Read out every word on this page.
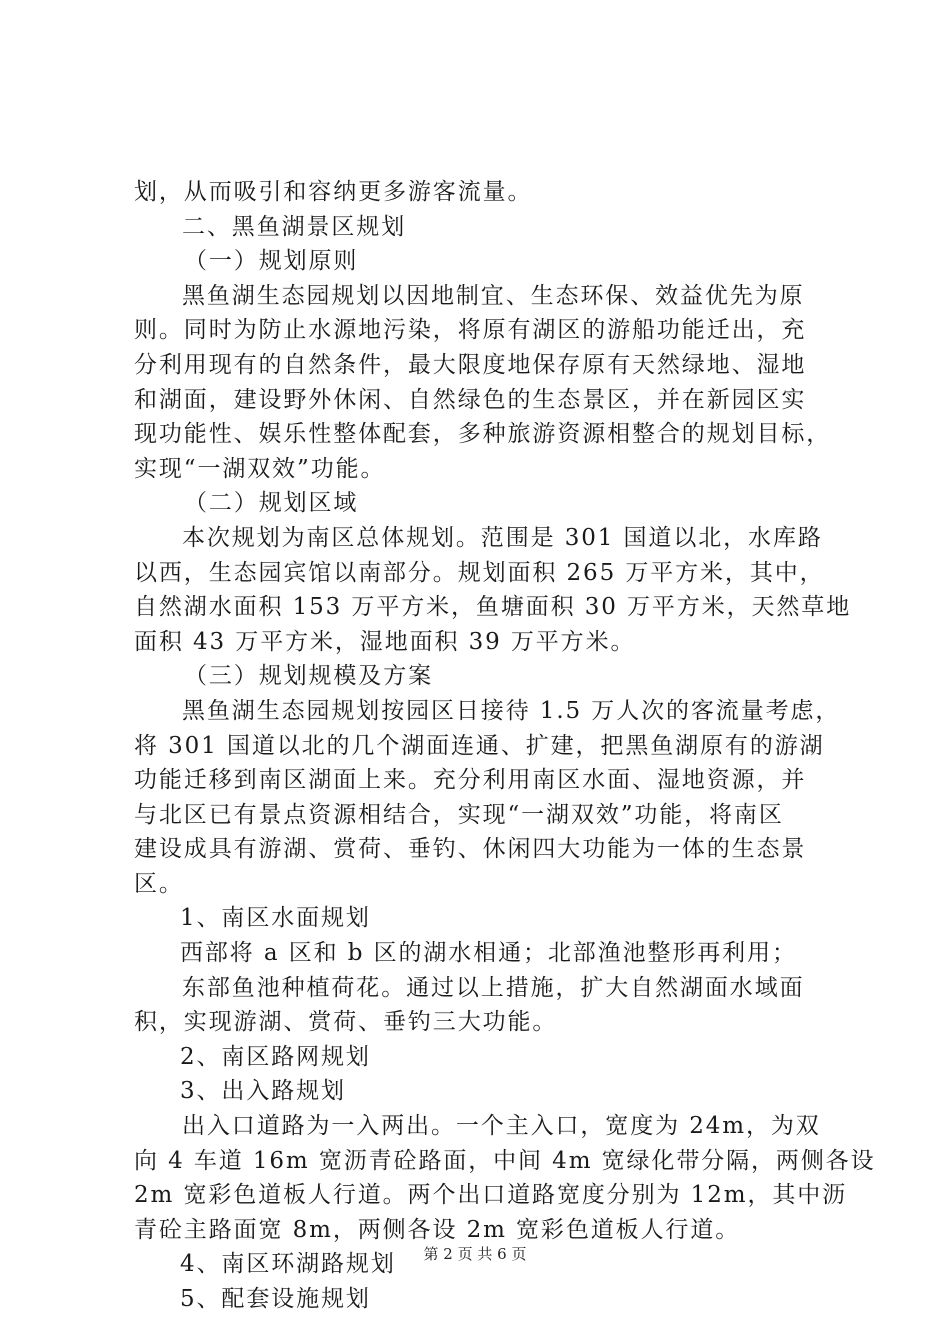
划，从而吸引和容纳更多游客流量。
二、黑鱼湖景区规划
（一）规划原则
黑鱼湖生态园规划以因地制宜、生态环保、效益优先为原
则。同时为防止水源地污染，将原有湖区的游船功能迁出，充
分利用现有的自然条件，最大限度地保存原有天然绿地、湿地
和湖面，建设野外休闲、自然绿色的生态景区，并在新园区实
现功能性、娱乐性整体配套，多种旅游资源相整合的规划目标，
实现“一湖双效”功能。
（二）规划区域
本次规划为南区总体规划。范围是 301 国道以北，水库路
以西，生态园宾馆以南部分。规划面积 265 万平方米，其中，
自然湖水面积 153 万平方米，鱼塘面积 30 万平方米，天然草地
面积 43 万平方米，湿地面积 39 万平方米。
（三）规划规模及方案
黑鱼湖生态园规划按园区日接待 1.5 万人次的客流量考虑，
将 301 国道以北的几个湖面连通、扩建，把黑鱼湖原有的游湖
功能迁移到南区湖面上来。充分利用南区水面、湿地资源，并
与北区已有景点资源相结合，实现“一湖双效”功能，将南区
建设成具有游湖、赏荷、垂钓、休闲四大功能为一体的生态景
区。
1、南区水面规划
西部将 a 区和 b 区的湖水相通；北部渔池整形再利用；
东部鱼池种植荷花。通过以上措施，扩大自然湖面水域面
积，实现游湖、赏荷、垂钓三大功能。
2、南区路网规划
3、出入路规划
出入口道路为一入两出。一个主入口，宽度为 24m，为双
向 4 车道 16m 宽沥青砼路面，中间 4m 宽绿化带分隔，两侧各设
2m 宽彩色道板人行道。两个出口道路宽度分别为 12m，其中沥
青砼主路面宽 8m，两侧各设 2m 宽彩色道板人行道。
4、南区环湖路规划
5、配套设施规划
第 2 页 共 6 页
